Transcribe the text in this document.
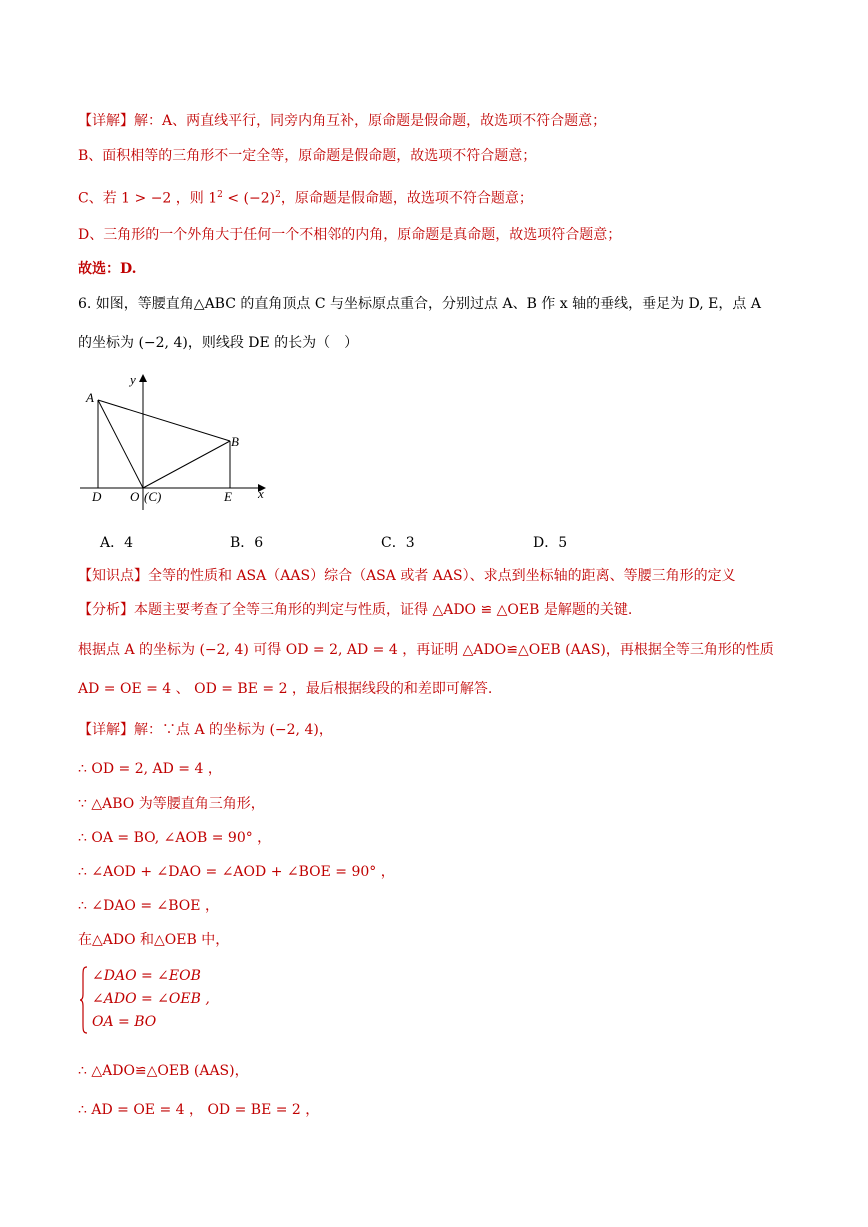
【详解】解：A、两直线平行，同旁内角互补，原命题是假命题，故选项不符合题意；
B、面积相等的三角形不一定全等，原命题是假命题，故选项不符合题意；
C、若 1 > −2 ，则 $1^2 < (-2)^2$，原命题是假命题，故选项不符合题意；
D、三角形的一个外角大于任何一个不相邻的内角，原命题是真命题，故选项符合题意；
故选：D.
6. 如图，等腰直角△ABC 的直角顶点 C 与坐标原点重合，分别过点 A、B 作 x 轴的垂线，垂足为 D, E，点 A
的坐标为 (−2, 4)，则线段 DE 的长为（　）
y
x
A
B
D O (C)	E
A．4	B．6	C．3	D．5
【知识点】全等的性质和 ASA（AAS）综合（ASA 或者 AAS）、求点到坐标轴的距离、等腰三角形的定义
【分析】本题主要考查了全等三角形的判定与性质，证得 △ADO ≌ △OEB 是解题的关键.
根据点 A 的坐标为 (−2, 4) 可得 OD = 2, AD = 4 ，再证明 △ADO≌△OEB (AAS)，再根据全等三角形的性质
AD = OE = 4 、 OD = BE = 2 ，最后根据线段的和差即可解答.
【详解】解：∵点 A 的坐标为 (−2, 4)，
∴ OD = 2, AD = 4 ，
∵ △ABO 为等腰直角三角形，
∴ OA = BO, ∠AOB = 90° ，
∴ ∠AOD + ∠DAO = ∠AOD + ∠BOE = 90° ，
∴ ∠DAO = ∠BOE ，
在△ADO 和△OEB 中，
∠DAO = ∠EOB
∠ADO = ∠OEB ,
OA = BO
∴ △ADO≌△OEB (AAS)，
∴ AD = OE = 4 ， OD = BE = 2 ，
